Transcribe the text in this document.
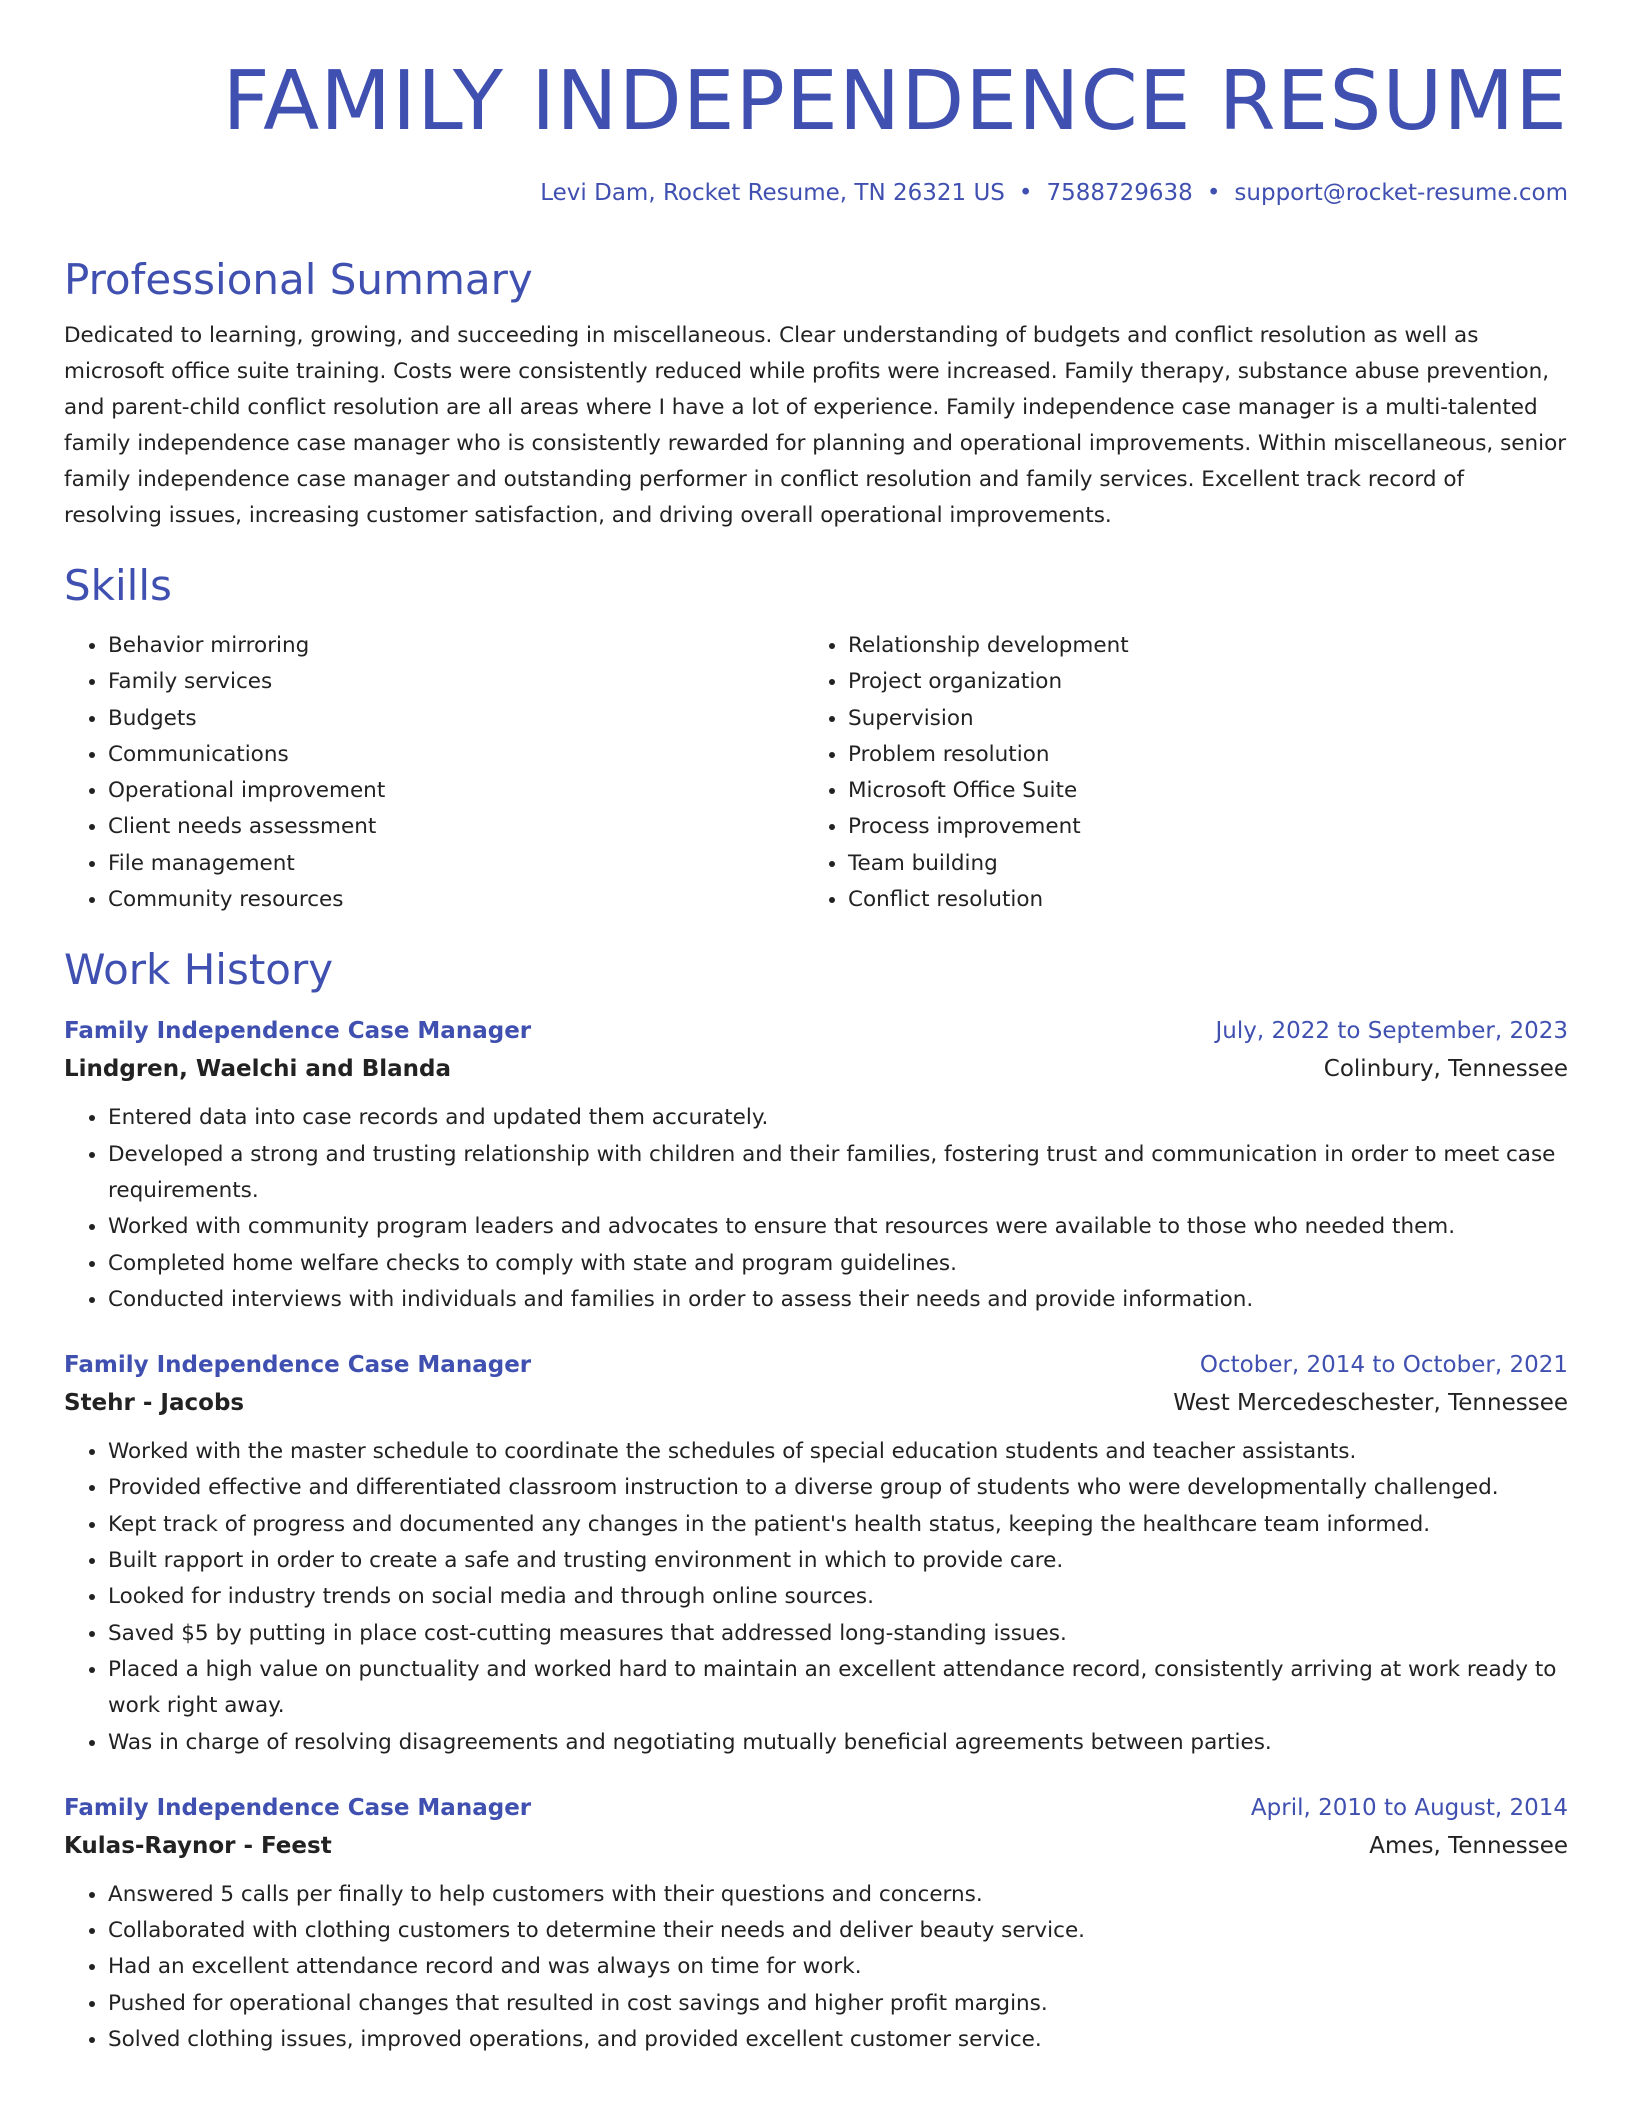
FAMILY INDEPENDENCE RESUME
Levi Dam, Rocket Resume, TN 26321 US • 7588729638 • support@rocket-resume.com
Professional Summary

Dedicated to learning, growing, and succeeding in miscellaneous. Clear understanding of budgets and conflict resolution as well as microsoft office suite training. Costs were consistently reduced while profits were increased. Family therapy, substance abuse prevention, and parent-child conflict resolution are all areas where I have a lot of experience. Family independence case manager is a multi-talented family independence case manager who is consistently rewarded for planning and operational improvements. Within miscellaneous, senior family independence case manager and outstanding performer in conflict resolution and family services. Excellent track record of resolving issues, increasing customer satisfaction, and driving overall operational improvements.

Skills
• Behavior mirroring
• Family services
• Budgets
• Communications
• Operational improvement
• Client needs assessment
• File management
• Community resources
• Relationship development
• Project organization
• Supervision
• Problem resolution
• Microsoft Office Suite
• Process improvement
• Team building
• Conflict resolution
Work History
Family Independence Case Manager	July, 2022 to September, 2023
Lindgren, Waelchi and Blanda	Colinbury, Tennessee
• Entered data into case records and updated them accurately.
• Developed a strong and trusting relationship with children and their families, fostering trust and communication in order to meet case requirements.
• Worked with community program leaders and advocates to ensure that resources were available to those who needed them.
• Completed home welfare checks to comply with state and program guidelines.
• Conducted interviews with individuals and families in order to assess their needs and provide information.
Family Independence Case Manager	October, 2014 to October, 2021
Stehr - Jacobs	West Mercedeschester, Tennessee
• Worked with the master schedule to coordinate the schedules of special education students and teacher assistants.
• Provided effective and differentiated classroom instruction to a diverse group of students who were developmentally challenged.
• Kept track of progress and documented any changes in the patient's health status, keeping the healthcare team informed.
• Built rapport in order to create a safe and trusting environment in which to provide care.
• Looked for industry trends on social media and through online sources.
• Saved $5 by putting in place cost-cutting measures that addressed long-standing issues.
• Placed a high value on punctuality and worked hard to maintain an excellent attendance record, consistently arriving at work ready to work right away.
• Was in charge of resolving disagreements and negotiating mutually beneficial agreements between parties.
Family Independence Case Manager	April, 2010 to August, 2014
Kulas-Raynor - Feest	Ames, Tennessee
• Answered 5 calls per finally to help customers with their questions and concerns.
• Collaborated with clothing customers to determine their needs and deliver beauty service.
• Had an excellent attendance record and was always on time for work.
• Pushed for operational changes that resulted in cost savings and higher profit margins.
• Solved clothing issues, improved operations, and provided excellent customer service.
